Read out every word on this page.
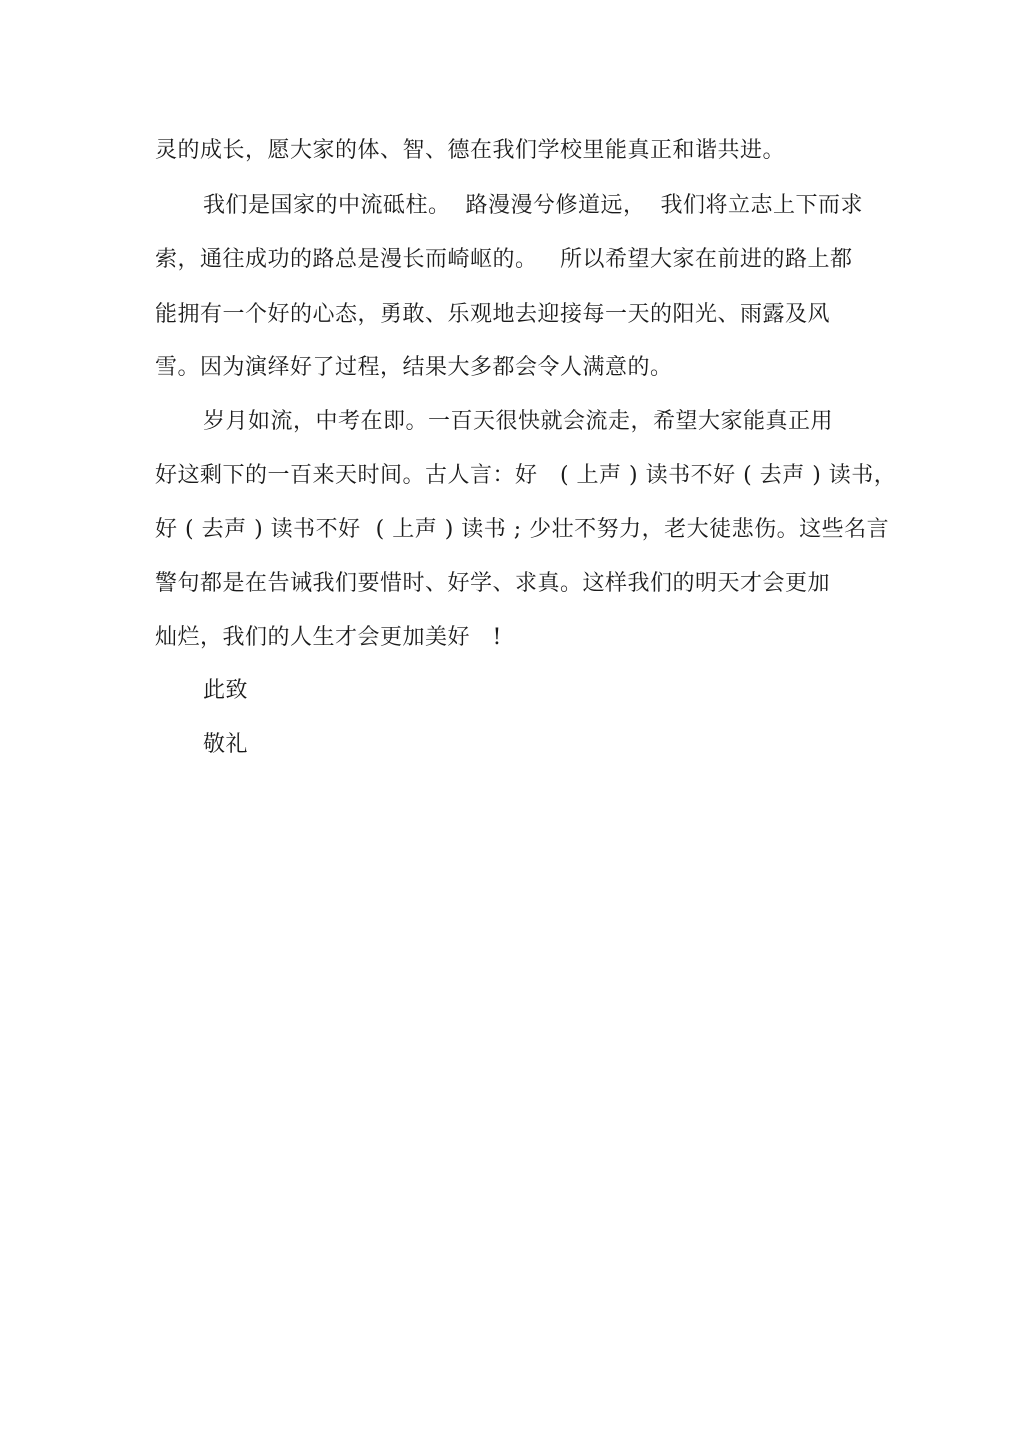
灵的成长，愿大家的体、智、德在我们学校里能真正和谐共进。
我们是国家的中流砥柱。  路漫漫兮修道远，  我们将立志上下而求
索，通往成功的路总是漫长而崎岖的。   所以希望大家在前进的路上都
能拥有一个好的心态，勇敢、乐观地去迎接每一天的阳光、雨露及风
雪。因为演绎好了过程，结果大多都会令人满意的。
岁月如流，中考在即。一百天很快就会流走，希望大家能真正用
好这剩下的一百来天时间。古人言：好   ( 上声 ) 读书不好 ( 去声 ) 读书，
好 ( 去声 ) 读书不好  ( 上声 ) 读书 ; 少壮不努力，老大徒悲伤。这些名言
警句都是在告诫我们要惜时、好学、求真。这样我们的明天才会更加
灿烂，我们的人生才会更加美好   !
此致
敬礼
